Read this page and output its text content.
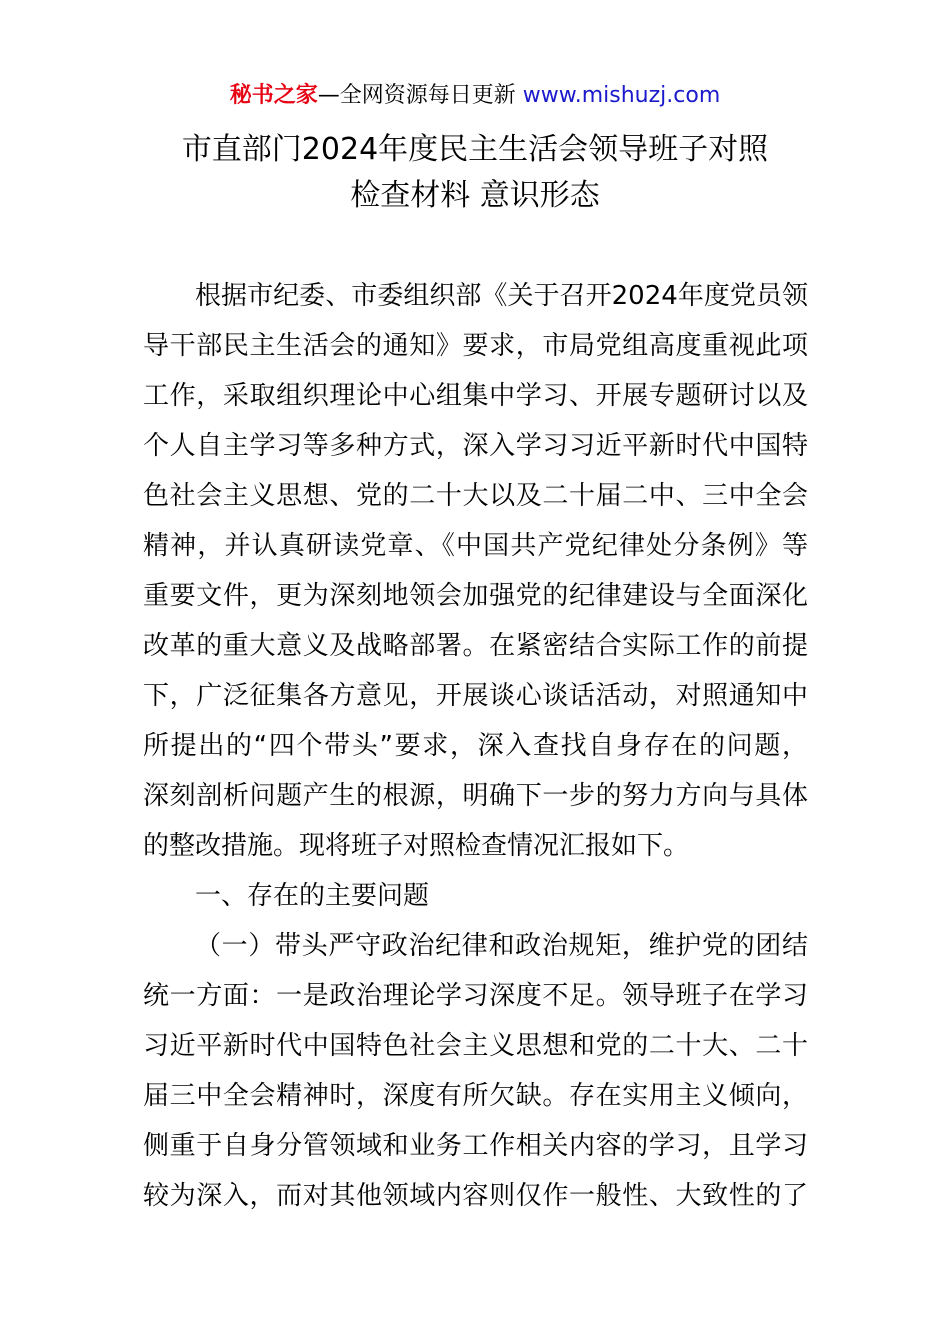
秘书之家—全网资源每日更新 www.mishuzj.com
市直部门2024年度民主生活会领导班子对照
检查材料 意识形态
根据市纪委、市委组织部《关于召开2024年度党员领
导干部民主生活会的通知》要求，市局党组高度重视此项
工作，采取组织理论中心组集中学习、开展专题研讨以及
个人自主学习等多种方式，深入学习习近平新时代中国特
色社会主义思想、党的二十大以及二十届二中、三中全会
精神，并认真研读党章、《中国共产党纪律处分条例》等
重要文件，更为深刻地领会加强党的纪律建设与全面深化
改革的重大意义及战略部署。在紧密结合实际工作的前提
下，广泛征集各方意见，开展谈心谈话活动，对照通知中
所提出的“四个带头”要求，深入查找自身存在的问题，
深刻剖析问题产生的根源，明确下一步的努力方向与具体
的整改措施。现将班子对照检查情况汇报如下。
一、存在的主要问题
（一）带头严守政治纪律和政治规矩，维护党的团结
统一方面：一是政治理论学习深度不足。领导班子在学习
习近平新时代中国特色社会主义思想和党的二十大、二十
届三中全会精神时，深度有所欠缺。存在实用主义倾向，
侧重于自身分管领域和业务工作相关内容的学习，且学习
较为深入，而对其他领域内容则仅作一般性、大致性的了
